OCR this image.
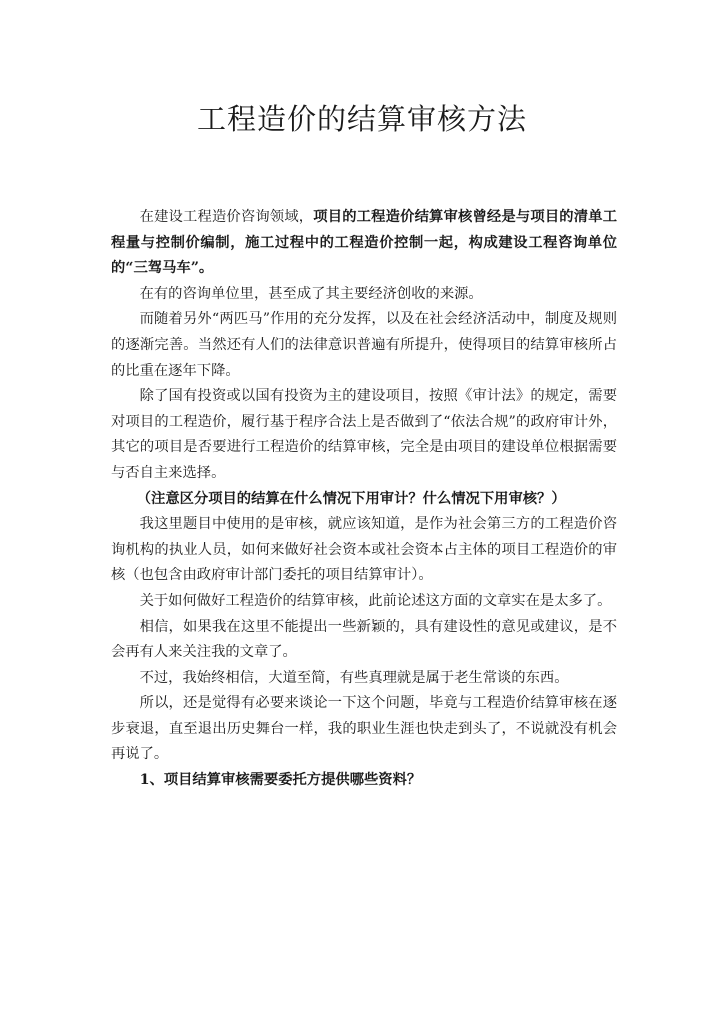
工程造价的结算审核方法

在建设工程造价咨询领域，项目的工程造价结算审核曾经是与项目的清单工程量与控制价编制，施工过程中的工程造价控制一起，构成建设工程咨询单位的“三驾马车”。

在有的咨询单位里，甚至成了其主要经济创收的来源。

而随着另外“两匹马”作用的充分发挥，以及在社会经济活动中，制度及规则的逐渐完善。当然还有人们的法律意识普遍有所提升，使得项目的结算审核所占的比重在逐年下降。

除了国有投资或以国有投资为主的建设项目，按照《审计法》的规定，需要对项目的工程造价，履行基于程序合法上是否做到了“依法合规”的政府审计外，其它的项目是否要进行工程造价的结算审核，完全是由项目的建设单位根据需要与否自主来选择。

（注意区分项目的结算在什么情况下用审计？什么情况下用审核？）

我这里题目中使用的是审核，就应该知道，是作为社会第三方的工程造价咨询机构的执业人员，如何来做好社会资本或社会资本占主体的项目工程造价的审核（也包含由政府审计部门委托的项目结算审计）。

关于如何做好工程造价的结算审核，此前论述这方面的文章实在是太多了。

相信，如果我在这里不能提出一些新颖的，具有建设性的意见或建议，是不会再有人来关注我的文章了。

不过，我始终相信，大道至简，有些真理就是属于老生常谈的东西。

所以，还是觉得有必要来谈论一下这个问题，毕竟与工程造价结算审核在逐步衰退，直至退出历史舞台一样，我的职业生涯也快走到头了，不说就没有机会再说了。

1、项目结算审核需要委托方提供哪些资料？
